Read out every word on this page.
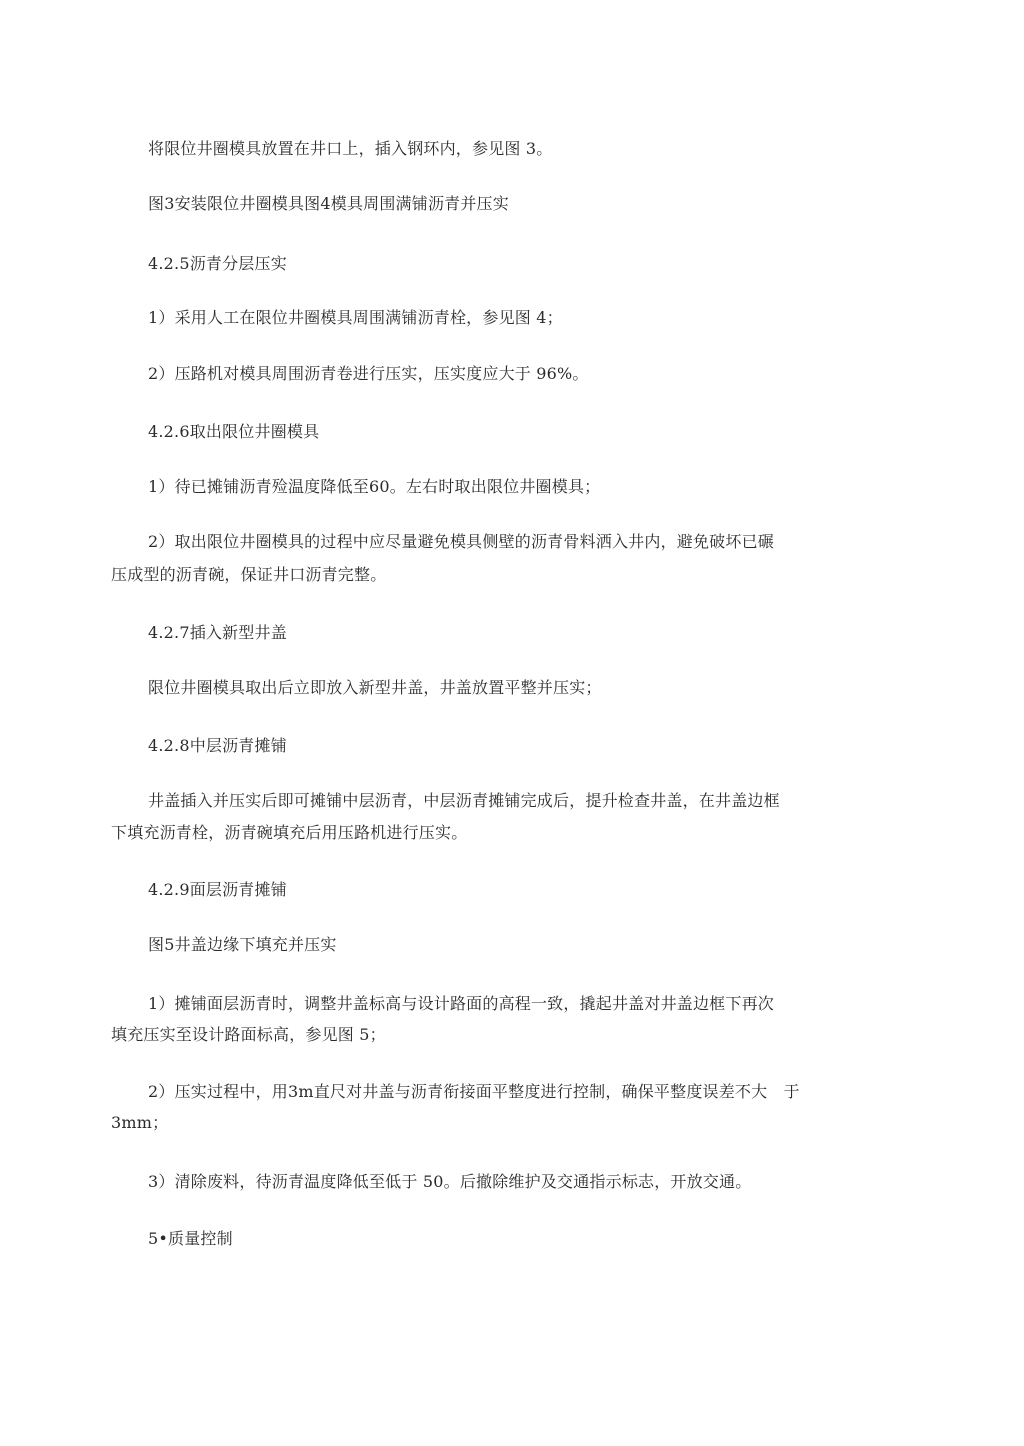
将限位井圈模具放置在井口上，插入钢环内，参见图 3。
图3安装限位井圈模具图4模具周围满铺沥青并压实
4.2.5沥青分层压实
1）采用人工在限位井圈模具周围满铺沥青栓，参见图 4；
2）压路机对模具周围沥青卷进行压实，压实度应大于 96%。
4.2.6取出限位井圈模具
1）待已摊铺沥青殓温度降低至60。左右时取出限位井圈模具；
2）取出限位井圈模具的过程中应尽量避免模具侧壁的沥青骨料洒入井内，避免破坏已碾
压成型的沥青碗，保证井口沥青完整。
4.2.7插入新型井盖
限位井圈模具取出后立即放入新型井盖，井盖放置平整并压实；
4.2.8中层沥青摊铺
井盖插入并压实后即可摊铺中层沥青，中层沥青摊铺完成后，提升检查井盖，在井盖边框
下填充沥青栓，沥青碗填充后用压路机进行压实。
4.2.9面层沥青摊铺
图5井盖边缘下填充并压实
1）摊铺面层沥青时，调整井盖标高与设计路面的高程一致，撬起井盖对井盖边框下再次
填充压实至设计路面标高，参见图 5；
2）压实过程中，用3m直尺对井盖与沥青衔接面平整度进行控制，确保平整度误差不大　于
3mm；
3）清除废料，待沥青温度降低至低于 50。后撤除维护及交通指示标志，开放交通。
5•质量控制
